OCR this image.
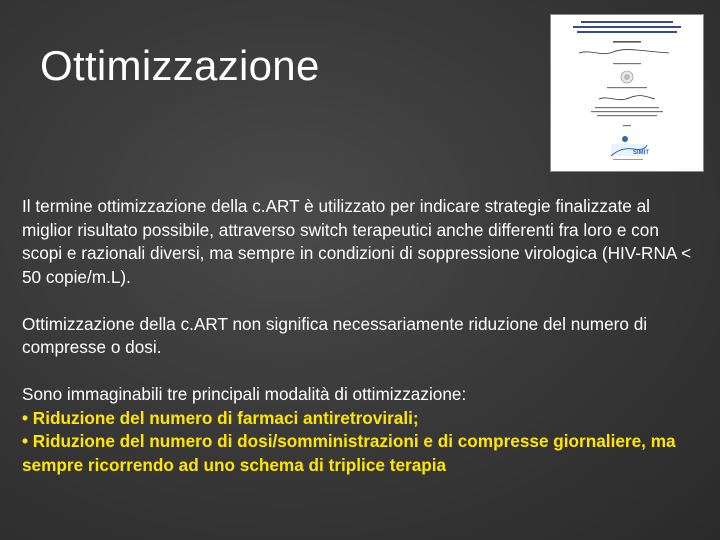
Ottimizzazione
SIMIT

Il termine ottimizzazione della c.ART è utilizzato per indicare strategie finalizzate al miglior risultato possibile, attraverso switch terapeutici anche differenti fra loro e con scopi e razionali diversi, ma sempre in condizioni di soppressione virologica (HIV-RNA < 50 copie/m.L).

Ottimizzazione della c.ART non significa necessariamente riduzione del numero di compresse o dosi.

Sono immaginabili tre principali modalità di ottimizzazione:
• Riduzione del numero di farmaci antiretrovirali;
• Riduzione del numero di dosi/somministrazioni e di compresse giornaliere, ma sempre ricorrendo ad uno schema di triplice terapia
